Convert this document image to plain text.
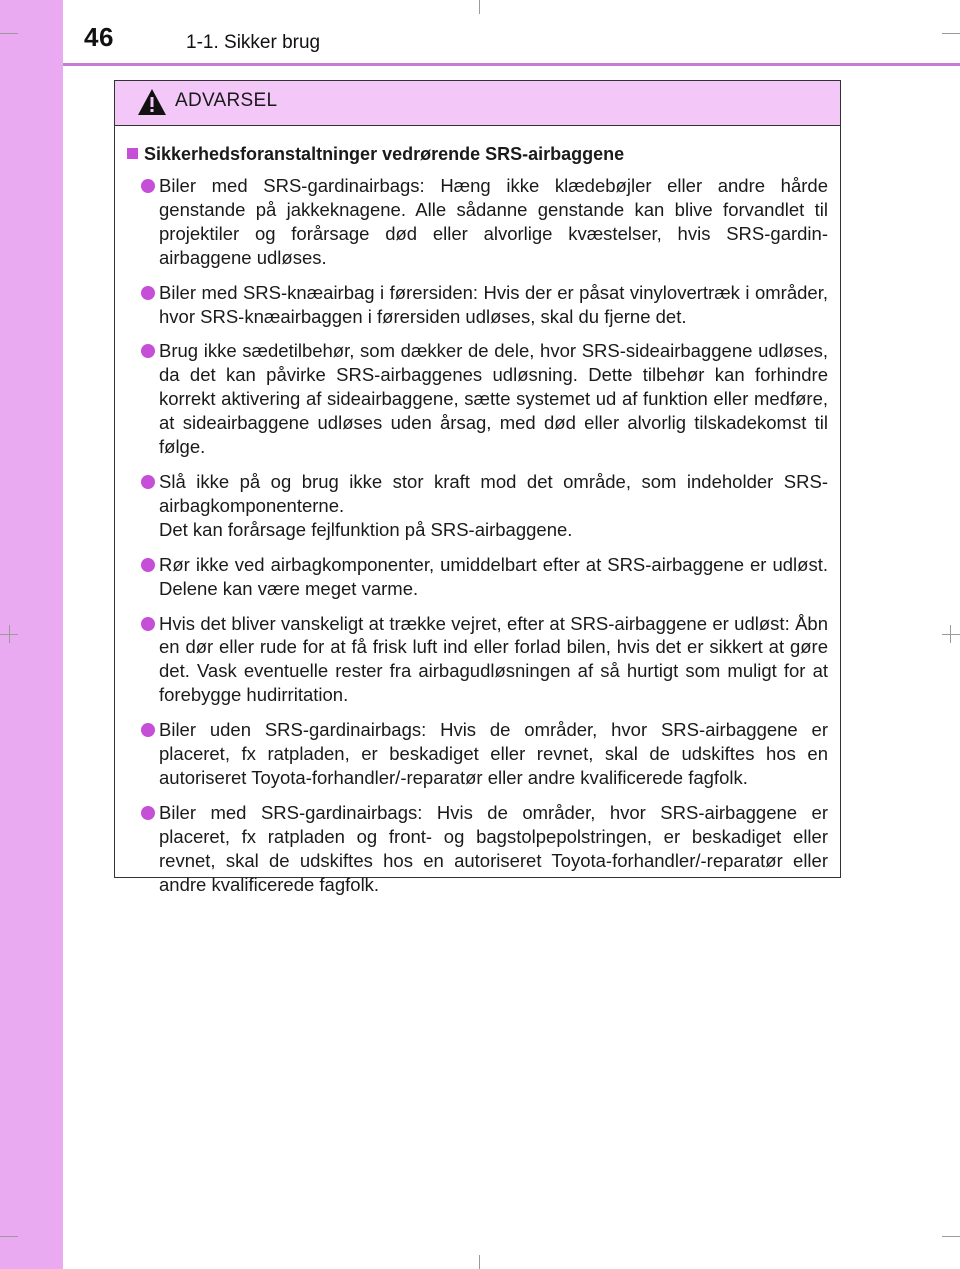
46	1-1. Sikker brug
ADVARSEL
Sikkerhedsforanstaltninger vedrørende SRS-airbaggene
Biler med SRS-gardinairbags: Hæng ikke klædebøjler eller andre hårde genstande på jakkeknagene. Alle sådanne genstande kan blive forvandlet til projektiler og forårsage død eller alvorlige kvæstelser, hvis SRS-gardin-airbaggene udløses.
Biler med SRS-knæairbag i førersiden: Hvis der er påsat vinylovertræk i områder, hvor SRS-knæairbaggen i førersiden udløses, skal du fjerne det.
Brug ikke sædetilbehør, som dækker de dele, hvor SRS-sideairbaggene udløses, da det kan påvirke SRS-airbaggenes udløsning. Dette tilbehør kan forhindre korrekt aktivering af sideairbaggene, sætte systemet ud af funktion eller medføre, at sideairbaggene udløses uden årsag, med død eller alvorlig tilskadekomst til følge.
Slå ikke på og brug ikke stor kraft mod det område, som indeholder SRS-airbagkomponenterne.
Det kan forårsage fejlfunktion på SRS-airbaggene.
Rør ikke ved airbagkomponenter, umiddelbart efter at SRS-airbaggene er udløst. Delene kan være meget varme.
Hvis det bliver vanskeligt at trække vejret, efter at SRS-airbaggene er udløst: Åbn en dør eller rude for at få frisk luft ind eller forlad bilen, hvis det er sikkert at gøre det. Vask eventuelle rester fra airbagudløsningen af så hurtigt som muligt for at forebygge hudirritation.
Biler uden SRS-gardinairbags: Hvis de områder, hvor SRS-airbaggene er placeret, fx ratpladen, er beskadiget eller revnet, skal de udskiftes hos en autoriseret Toyota-forhandler/-reparatør eller andre kvalificerede fagfolk.
Biler med SRS-gardinairbags: Hvis de områder, hvor SRS-airbaggene er placeret, fx ratpladen og front- og bagstolpepolstringen, er beskadiget eller revnet, skal de udskiftes hos en autoriseret Toyota-forhandler/-reparatør eller andre kvalificerede fagfolk.
